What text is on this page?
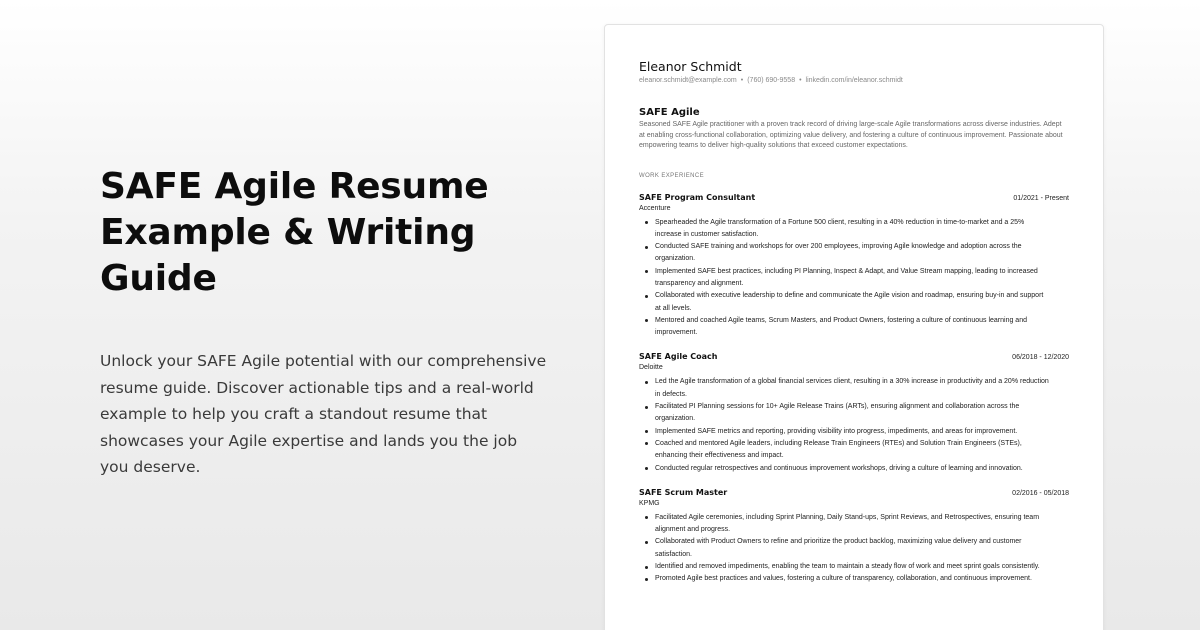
SAFE Agile Resume
Example & Writing
Guide

Unlock your SAFE Agile potential with our comprehensive resume guide. Discover actionable tips and a real-world example to help you craft a standout resume that showcases your Agile expertise and lands you the job you deserve.

Eleanor Schmidt
eleanor.schmidt@example.com • (760) 690-9558 • linkedin.com/in/eleanor.schmidt
SAFE Agile
Seasoned SAFE Agile practitioner with a proven track record of driving large-scale Agile transformations across diverse industries. Adept at enabling cross-functional collaboration, optimizing value delivery, and fostering a culture of continuous improvement. Passionate about empowering teams to deliver high-quality solutions that exceed customer expectations.
WORK EXPERIENCE
SAFE Program Consultant	01/2021 - Present
Accenture
Spearheaded the Agile transformation of a Fortune 500 client, resulting in a 40% reduction in time-to-market and a 25% increase in customer satisfaction.
Conducted SAFE training and workshops for over 200 employees, improving Agile knowledge and adoption across the organization.
Implemented SAFE best practices, including PI Planning, Inspect & Adapt, and Value Stream mapping, leading to increased transparency and alignment.
Collaborated with executive leadership to define and communicate the Agile vision and roadmap, ensuring buy-in and support at all levels.
Mentored and coached Agile teams, Scrum Masters, and Product Owners, fostering a culture of continuous learning and improvement.
SAFE Agile Coach	06/2018 - 12/2020
Deloitte
Led the Agile transformation of a global financial services client, resulting in a 30% increase in productivity and a 20% reduction in defects.
Facilitated PI Planning sessions for 10+ Agile Release Trains (ARTs), ensuring alignment and collaboration across the organization.
Implemented SAFE metrics and reporting, providing visibility into progress, impediments, and areas for improvement.
Coached and mentored Agile leaders, including Release Train Engineers (RTEs) and Solution Train Engineers (STEs), enhancing their effectiveness and impact.
Conducted regular retrospectives and continuous improvement workshops, driving a culture of learning and innovation.
SAFE Scrum Master	02/2016 - 05/2018
KPMG
Facilitated Agile ceremonies, including Sprint Planning, Daily Stand-ups, Sprint Reviews, and Retrospectives, ensuring team alignment and progress.
Collaborated with Product Owners to refine and prioritize the product backlog, maximizing value delivery and customer satisfaction.
Identified and removed impediments, enabling the team to maintain a steady flow of work and meet sprint goals consistently.
Promoted Agile best practices and values, fostering a culture of transparency, collaboration, and continuous improvement.
